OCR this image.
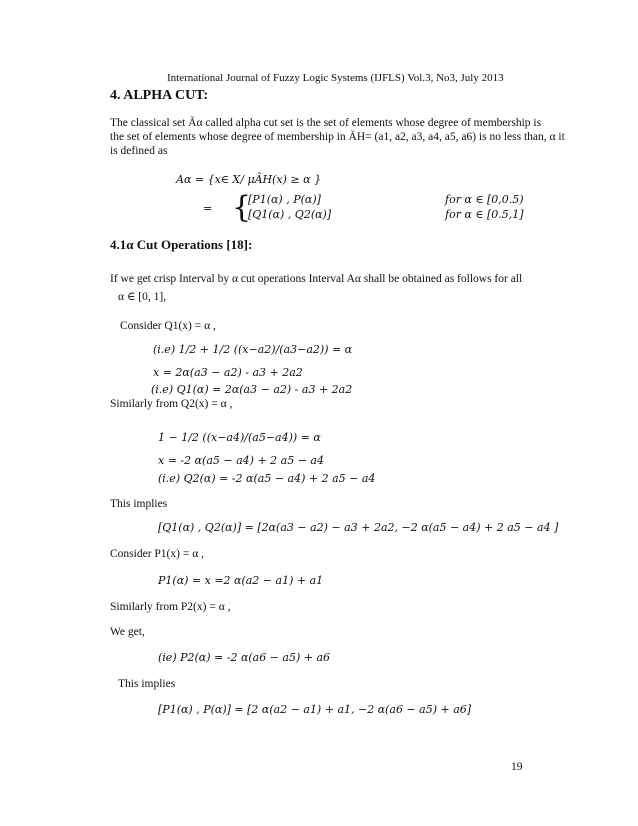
International Journal of Fuzzy Logic Systems (IJFLS) Vol.3, No3, July 2013
4. ALPHA CUT:
The classical set Ãα called alpha cut set is the set of elements whose degree of membership is
the set of elements whose degree of membership in ÃH= (a1, a2, a3, a4, a5, a6) is no less than, α it
is defined as
Aα = {x∈ X/ μÃH(x) ≥ α }
= {
[P1(α) , P(α)]	for α ∈ [0,0.5)
[Q1(α) , Q2(α)]	for α ∈ [0.5,1]
4.1α Cut Operations [18]:
If we get crisp Interval by α cut operations Interval Aα shall be obtained as follows for all
α ∈ [0, 1],
Consider Q1(x) = α ,
(i.e) 1/2 + 1/2 ((x−a2)/(a3−a2)) = α
x = 2α(a3 − a2) - a3 + 2a2
(i.e) Q1(α) = 2α(a3 − a2) - a3 + 2a2
Similarly from Q2(x) = α ,
1 − 1/2 ((x−a4)/(a5−a4)) = α
x = -2 α(a5 − a4) + 2 a5 − a4
(i.e) Q2(α) = -2 α(a5 − a4) + 2 a5 − a4
This implies
[Q1(α) , Q2(α)] = [2α(a3 − a2) − a3 + 2a2, −2 α(a5 − a4) + 2 a5 − a4 ]
Consider P1(x) = α ,
P1(α) = x =2 α(a2 − a1) + a1
Similarly from P2(x) = α ,
We get,
(ie) P2(α) = -2 α(a6 − a5) + a6
This implies
[P1(α) , P(α)] = [2 α(a2 − a1) + a1, −2 α(a6 − a5) + a6]
19
